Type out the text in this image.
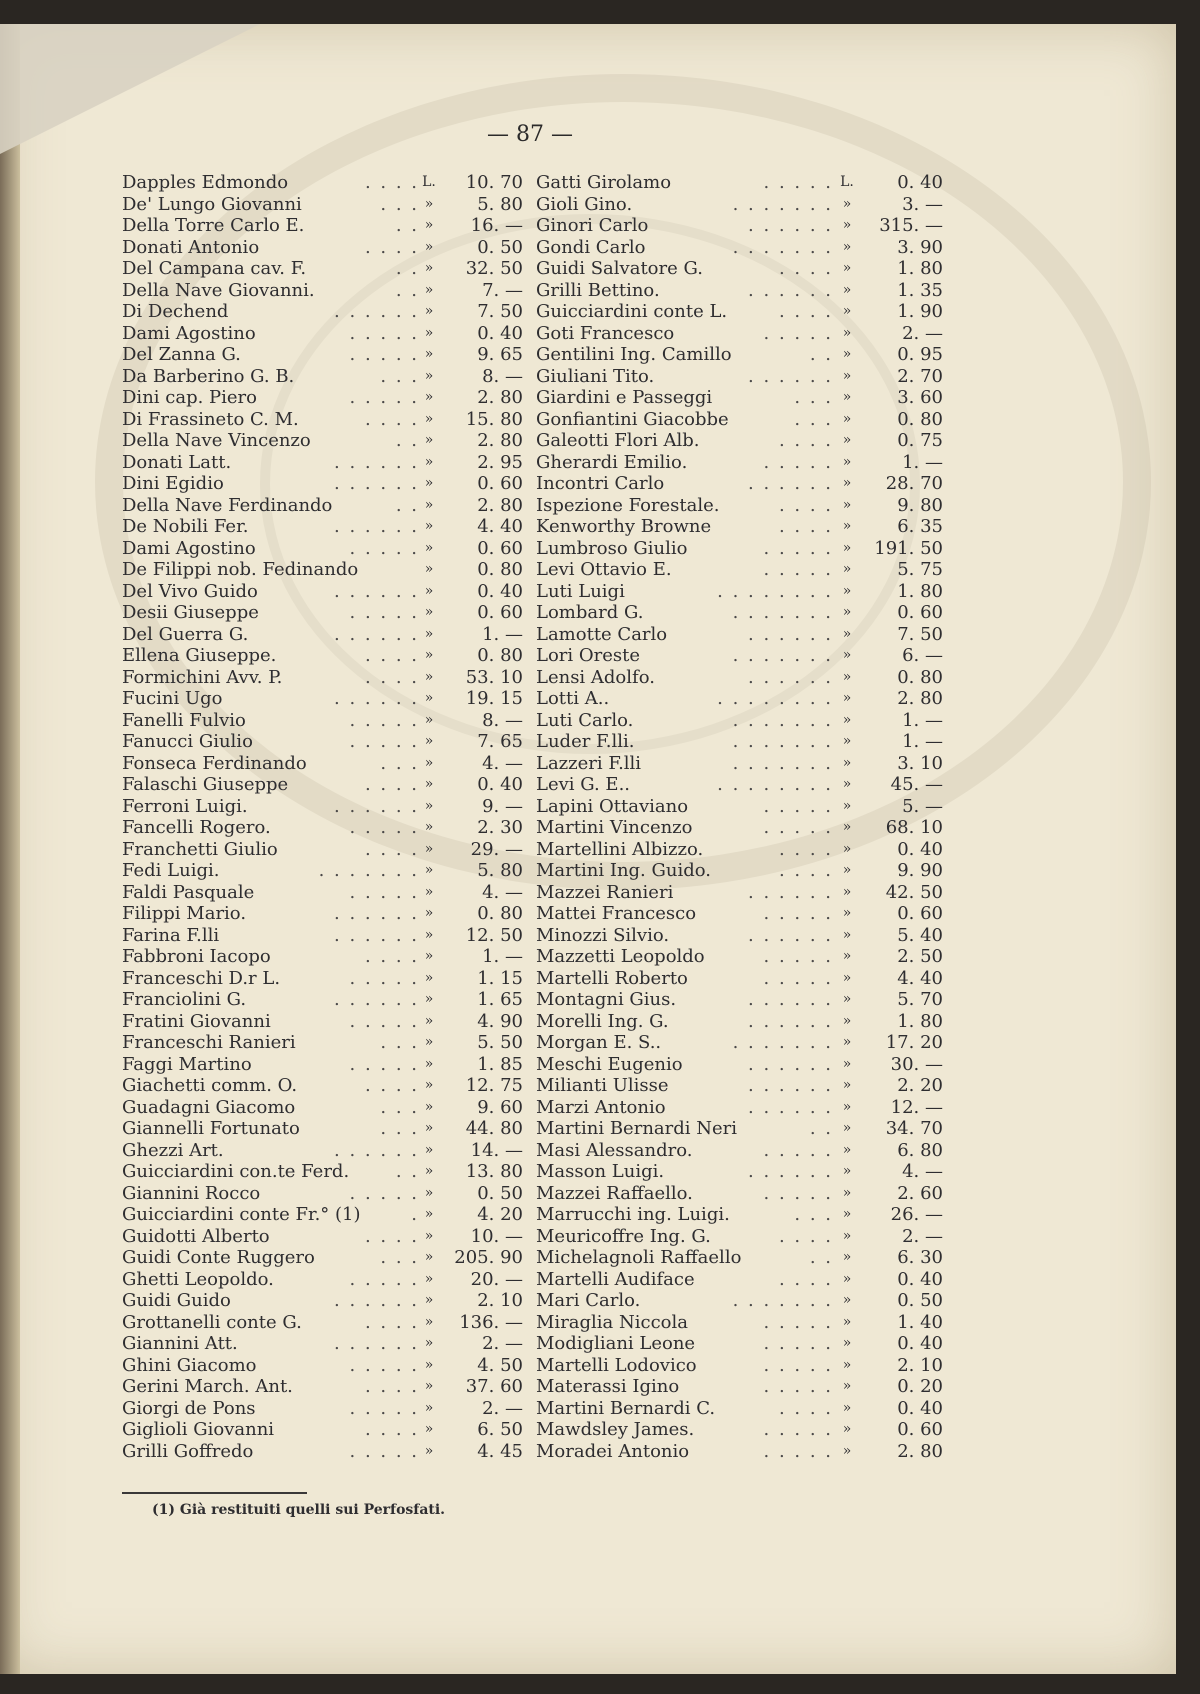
— 87 —
. . . .
Dapples Edmondo	L.	10. 70
. . .
De' Lungo Giovanni	»	5. 80
. .
Della Torre Carlo E.	»	16. —
. . . .
Donati Antonio	»	0. 50
. .
Del Campana cav. F.	»	32. 50
. .
Della Nave Giovanni.	»	7. —
. . . . . .
Di Dechend	»	7. 50
. . . . .
Dami Agostino	»	0. 40
. . . . .
Del Zanna G.	»	9. 65
. . .
Da Barberino G. B.	»	8. —
. . . . .
Dini cap. Piero	»	2. 80
. . . .
Di Frassineto C. M.	»	15. 80
. .
Della Nave Vincenzo	»	2. 80
. . . . . .
Donati Latt.	»	2. 95
. . . . . .
Dini Egidio	»	0. 60
. .
Della Nave Ferdinando	»	2. 80
. . . . . .
De Nobili Fer.	»	4. 40
. . . . .
Dami Agostino	»	0. 60
De Filippi nob. Fedinando	»	0. 80
. . . . . .
Del Vivo Guido	»	0. 40
. . . . .
Desii Giuseppe	»	0. 60
. . . . . .
Del Guerra G.	»	1. —
. . . .
Ellena Giuseppe.	»	0. 80
. . . .
Formichini Avv. P.	»	53. 10
. . . . . .
Fucini Ugo	»	19. 15
. . . . .
Fanelli Fulvio	»	8. —
. . . . .
Fanucci Giulio	»	7. 65
. . .
Fonseca Ferdinando	»	4. —
. . . .
Falaschi Giuseppe	»	0. 40
. . . . . .
Ferroni Luigi.	»	9. —
. . . . .
Fancelli Rogero.	»	2. 30
. . . .
Franchetti Giulio	»	29. —
. . . . . . .
Fedi Luigi.	»	5. 80
. . . . .
Faldi Pasquale	»	4. —
. . . . . .
Filippi Mario.	»	0. 80
. . . . . .
Farina F.lli	»	12. 50
. . . .
Fabbroni Iacopo	»	1. —
. . . . .
Franceschi D.r L.	»	1. 15
. . . . . .
Franciolini G.	»	1. 65
. . . . .
Fratini Giovanni	»	4. 90
. . .
Franceschi Ranieri	»	5. 50
. . . . .
Faggi Martino	»	1. 85
. . . .
Giachetti comm. O.	»	12. 75
. . .
Guadagni Giacomo	»	9. 60
. . .
Giannelli Fortunato	»	44. 80
. . . . . .
Ghezzi Art.	»	14. —
. .
Guicciardini con.te Ferd.	»	13. 80
. . . . .
Giannini Rocco	»	0. 50
.
Guicciardini conte Fr.° (1)	»	4. 20
. . . .
Guidotti Alberto	»	10. —
. . .
Guidi Conte Ruggero	»	205. 90
. . . . .
Ghetti Leopoldo.	»	20. —
. . . . . .
Guidi Guido	»	2. 10
. . . .
Grottanelli conte G.	»	136. —
. . . . . .
Giannini Att.	»	2. —
. . . . .
Ghini Giacomo	»	4. 50
. . . .
Gerini March. Ant.	»	37. 60
. . . . .
Giorgi de Pons	»	2. —
. . . .
Giglioli Giovanni	»	6. 50
. . . . .
Grilli Goffredo	»	4. 45
. . . . .
Gatti Girolamo	L.	0. 40
. . . . . . .
Gioli Gino.	»	3. —
. . . . . .
Ginori Carlo	»	315. —
. . . . . . .
Gondi Carlo	»	3. 90
. . . .
Guidi Salvatore G.	»	1. 80
. . . . . .
Grilli Bettino.	»	1. 35
. . . .
Guicciardini conte L.	»	1. 90
. . . . .
Goti Francesco	»	2. —
. .
Gentilini Ing. Camillo	»	0. 95
. . . . . .
Giuliani Tito.	»	2. 70
. . .
Giardini e Passeggi	»	3. 60
. . .
Gonfiantini Giacobbe	»	0. 80
. . . .
Galeotti Flori Alb.	»	0. 75
. . . . .
Gherardi Emilio.	»	1. —
. . . . . .
Incontri Carlo	»	28. 70
. . . .
Ispezione Forestale.	»	9. 80
. . . .
Kenworthy Browne	»	6. 35
. . . . .
Lumbroso Giulio	»	191. 50
. . . . .
Levi Ottavio E.	»	5. 75
. . . . . . . .
Luti Luigi	»	1. 80
. . . . . . .
Lombard G.	»	0. 60
. . . . . .
Lamotte Carlo	»	7. 50
. . . . . . .
Lori Oreste	»	6. —
. . . . . .
Lensi Adolfo.	»	0. 80
. . . . . . . .
Lotti A..	»	2. 80
. . . . . . .
Luti Carlo.	»	1. —
. . . . . . .
Luder F.lli.	»	1. —
. . . . . . .
Lazzeri F.lli	»	3. 10
. . . . . . . .
Levi G. E..	»	45. —
. . . . .
Lapini Ottaviano	»	5. —
. . . . .
Martini Vincenzo	»	68. 10
. . . .
Martellini Albizzo.	»	0. 40
. . . .
Martini Ing. Guido.	»	9. 90
. . . . . .
Mazzei Ranieri	»	42. 50
. . . . .
Mattei Francesco	»	0. 60
. . . . . .
Minozzi Silvio.	»	5. 40
. . . . .
Mazzetti Leopoldo	»	2. 50
. . . . .
Martelli Roberto	»	4. 40
. . . . . .
Montagni Gius.	»	5. 70
. . . . . .
Morelli Ing. G.	»	1. 80
. . . . . . .
Morgan E. S..	»	17. 20
. . . . . .
Meschi Eugenio	»	30. —
. . . . . .
Milianti Ulisse	»	2. 20
. . . . . .
Marzi Antonio	»	12. —
. .
Martini Bernardi Neri	»	34. 70
. . . . .
Masi Alessandro.	»	6. 80
. . . . . .
Masson Luigi.	»	4. —
. . . . .
Mazzei Raffaello.	»	2. 60
. . .
Marrucchi ing. Luigi.	»	26. —
. . . .
Meuricoffre Ing. G.	»	2. —
. .
Michelagnoli Raffaello	»	6. 30
. . . .
Martelli Audiface	»	0. 40
. . . . . . .
Mari Carlo.	»	0. 50
. . . . .
Miraglia Niccola	»	1. 40
. . . . .
Modigliani Leone	»	0. 40
. . . . .
Martelli Lodovico	»	2. 10
. . . . .
Materassi Igino	»	0. 20
. . . .
Martini Bernardi C.	»	0. 40
. . . . .
Mawdsley James.	»	0. 60
. . . . .
Moradei Antonio	»	2. 80
(1) Già restituiti quelli sui Perfosfati.
